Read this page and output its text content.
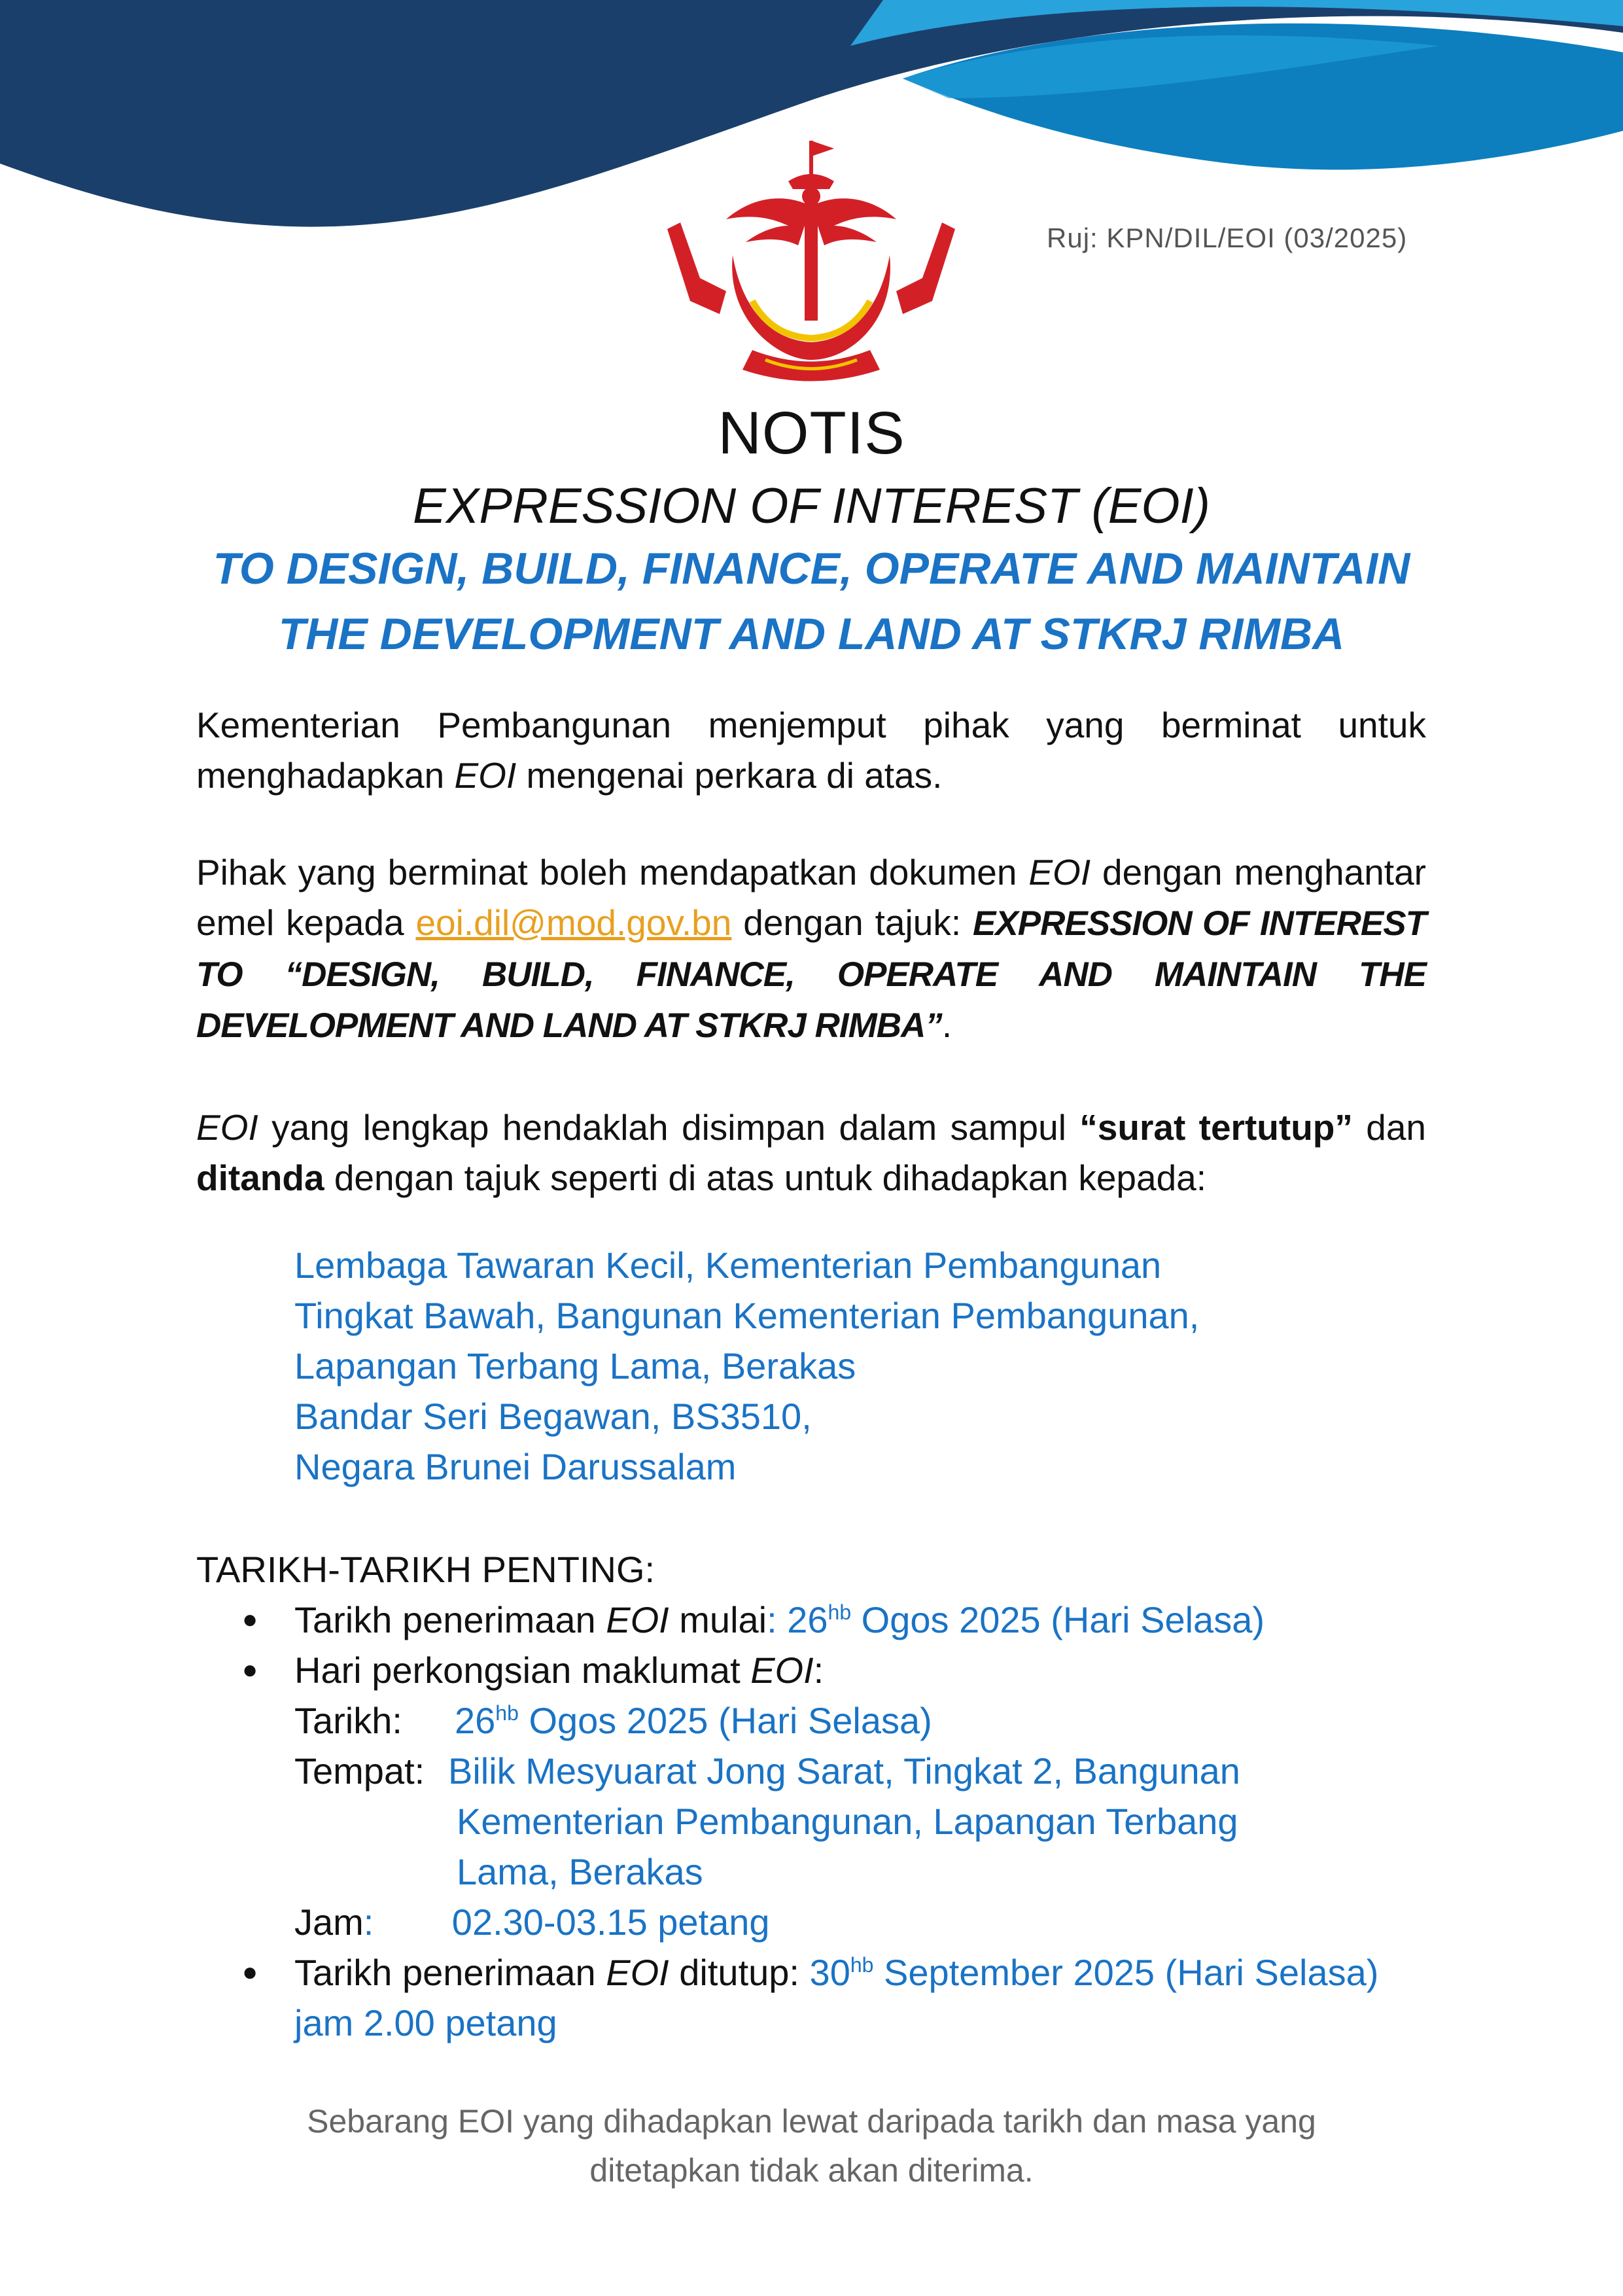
Ruj: KPN/DIL/EOI (03/2025)
NOTIS
EXPRESSION OF INTEREST (EOI)
TO DESIGN, BUILD, FINANCE, OPERATE AND MAINTAIN
THE DEVELOPMENT AND LAND AT STKRJ RIMBA
Kementerian Pembangunan menjemput pihak yang berminat untuk menghadapkan EOI mengenai perkara di atas.
Pihak yang berminat boleh mendapatkan dokumen EOI dengan menghantar emel kepada eoi.dil@mod.gov.bn dengan tajuk: EXPRESSION OF INTEREST TO “DESIGN, BUILD, FINANCE, OPERATE AND MAINTAIN THE DEVELOPMENT AND LAND AT STKRJ RIMBA”.
EOI yang lengkap hendaklah disimpan dalam sampul “surat tertutup” dan ditanda dengan tajuk seperti di atas untuk dihadapkan kepada:
Lembaga Tawaran Kecil, Kementerian Pembangunan
Tingkat Bawah, Bangunan Kementerian Pembangunan,
Lapangan Terbang Lama, Berakas
Bandar Seri Begawan, BS3510,
Negara Brunei Darussalam
TARIKH-TARIKH PENTING:
● Tarikh penerimaan EOI mulai: $26^{hb}$ Ogos 2025 (Hari Selasa)
● Hari perkongsian maklumat EOI:
Tarikh: $26^{hb}$ Ogos 2025 (Hari Selasa)
Tempat: Bilik Mesyuarat Jong Sarat, Tingkat 2, Bangunan
Kementerian Pembangunan, Lapangan Terbang
Lama, Berakas
Jam: 02.30-03.15 petang
● Tarikh penerimaan EOI ditutup: $30^{hb}$ September 2025 (Hari Selasa)
jam 2.00 petang
Sebarang EOI yang dihadapkan lewat daripada tarikh dan masa yang
ditetapkan tidak akan diterima.
